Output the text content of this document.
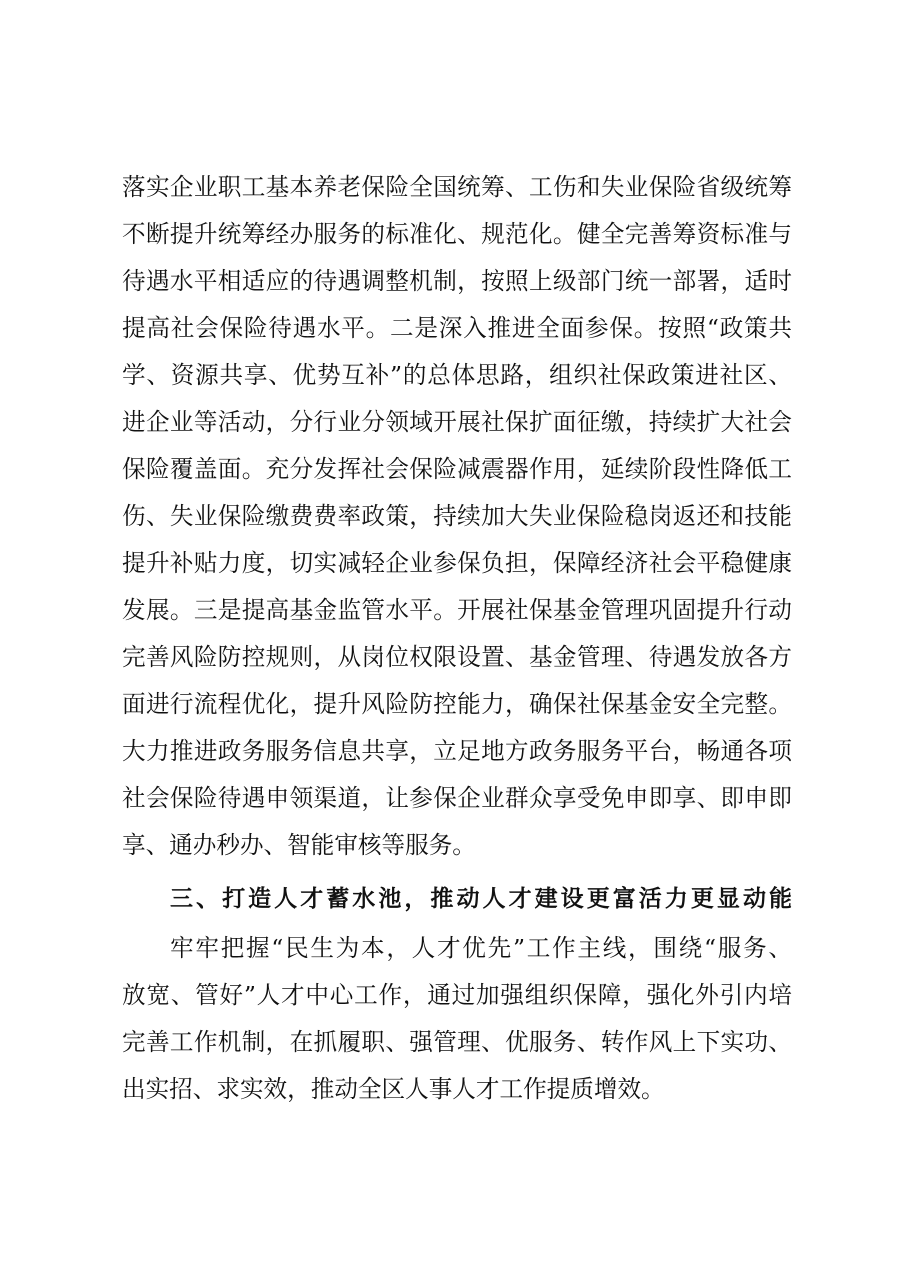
落实企业职工基本养老保险全国统筹、工伤和失业保险省级统筹
不断提升统筹经办服务的标准化、规范化。健全完善筹资标准与
待遇水平相适应的待遇调整机制，按照上级部门统一部署，适时
提高社会保险待遇水平。二是深入推进全面参保。按照“政策共
学、资源共享、优势互补”的总体思路，组织社保政策进社区、
进企业等活动，分行业分领域开展社保扩面征缴，持续扩大社会
保险覆盖面。充分发挥社会保险减震器作用，延续阶段性降低工
伤、失业保险缴费费率政策，持续加大失业保险稳岗返还和技能
提升补贴力度，切实减轻企业参保负担，保障经济社会平稳健康
发展。三是提高基金监管水平。开展社保基金管理巩固提升行动
完善风险防控规则，从岗位权限设置、基金管理、待遇发放各方
面进行流程优化，提升风险防控能力，确保社保基金安全完整。
大力推进政务服务信息共享，立足地方政务服务平台，畅通各项
社会保险待遇申领渠道，让参保企业群众享受免申即享、即申即
享、通办秒办、智能审核等服务。
三、打造人才蓄水池，推动人才建设更富活力更显动能
牢牢把握“民生为本，人才优先”工作主线，围绕“服务、
放宽、管好”人才中心工作，通过加强组织保障，强化外引内培
完善工作机制，在抓履职、强管理、优服务、转作风上下实功、
出实招、求实效，推动全区人事人才工作提质增效。
